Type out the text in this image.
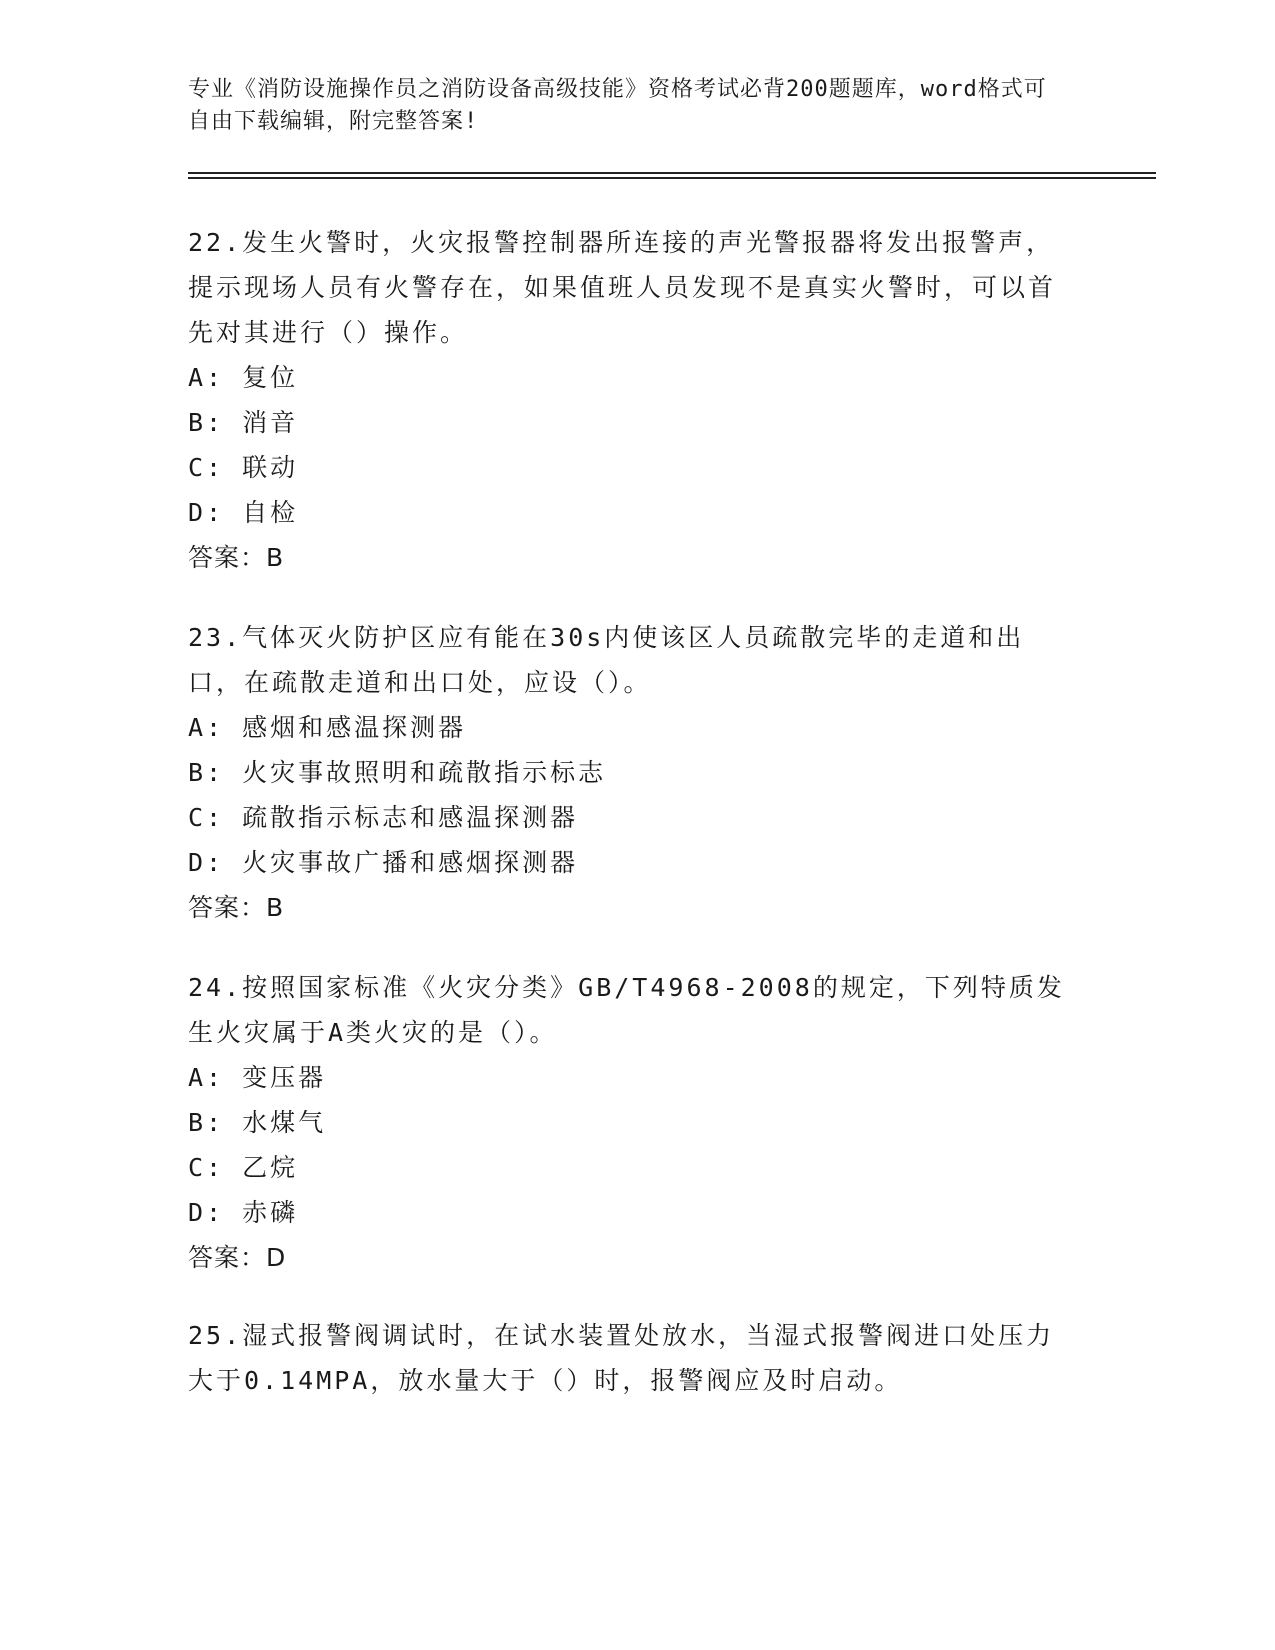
专业《消防设施操作员之消防设备高级技能》资格考试必背200题题库，word格式可自由下载编辑，附完整答案!

22.发生火警时，火灾报警控制器所连接的声光警报器将发出报警声，提示现场人员有火警存在，如果值班人员发现不是真实火警时，可以首先对其进行（）操作。

A: 复位

B: 消音

C: 联动

D: 自检

答案：B

23.气体灭火防护区应有能在30s内使该区人员疏散完毕的走道和出口，在疏散走道和出口处，应设（）。

A: 感烟和感温探测器

B: 火灾事故照明和疏散指示标志

C: 疏散指示标志和感温探测器

D: 火灾事故广播和感烟探测器

答案：B

24.按照国家标准《火灾分类》GB/T4968-2008的规定，下列特质发生火灾属于A类火灾的是（）。

A: 变压器

B: 水煤气

C: 乙烷

D: 赤磷

答案：D

25.湿式报警阀调试时，在试水装置处放水，当湿式报警阀进口处压力大于0.14MPA，放水量大于（）时，报警阀应及时启动。
